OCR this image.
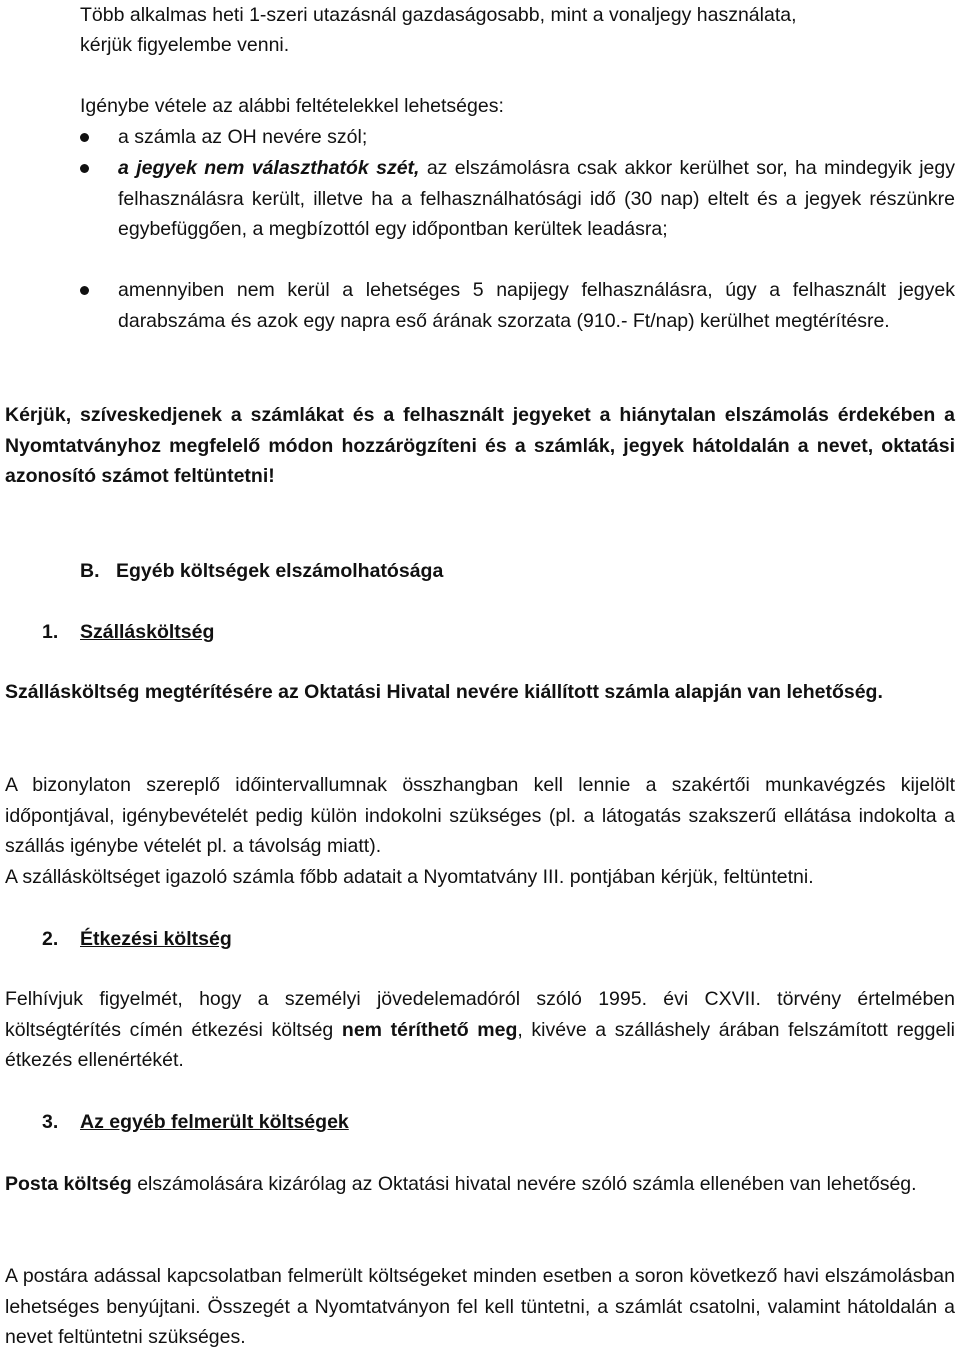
Több alkalmas heti 1-szeri utazásnál gazdaságosabb, mint a vonaljegy használata,

kérjük figyelembe venni.

Igénybe vétele az alábbi feltételekkel lehetséges:

a számla az OH nevére szól;

a jegyek nem választhatók szét, az elszámolásra csak akkor kerülhet sor, ha mindegyik jegy felhasználásra került, illetve ha a felhasználhatósági idő (30 nap) eltelt és a jegyek részünkre egybefüggően, a megbízottól egy időpontban kerültek leadásra;

amennyiben nem kerül a lehetséges 5 napijegy felhasználásra, úgy a felhasznált jegyek darabszáma és azok egy napra eső árának szorzata (910.- Ft/nap) kerülhet megtérítésre.

Kérjük, szíveskedjenek a számlákat és a felhasznált jegyeket a hiánytalan elszámolás érdekében a Nyomtatványhoz megfelelő módon hozzárögzíteni és a számlák, jegyek hátoldalán a nevet, oktatási azonosító számot feltüntetni!

B. Egyéb költségek elszámolhatósága
1. Szállásköltség

Szállásköltség megtérítésére az Oktatási Hivatal nevére kiállított számla alapján van lehetőség.

A bizonylaton szereplő időintervallumnak összhangban kell lennie a szakértői munkavégzés kijelölt időpontjával, igénybevételét pedig külön indokolni szükséges (pl. a látogatás szakszerű ellátása indokolta a szállás igénybe vételét pl. a távolság miatt).

A szállásköltséget igazoló számla főbb adatait a Nyomtatvány III. pontjában kérjük, feltüntetni.

2. Étkezési költség

Felhívjuk figyelmét, hogy a személyi jövedelemadóról szóló 1995. évi CXVII. törvény értelmében költségtérítés címén étkezési költség nem téríthető meg, kivéve a szálláshely árában felszámított reggeli étkezés ellenértékét.

3. Az egyéb felmerült költségek

Posta költség elszámolására kizárólag az Oktatási hivatal nevére szóló számla ellenében van lehetőség.

A postára adással kapcsolatban felmerült költségeket minden esetben a soron következő havi elszámolásban lehetséges benyújtani. Összegét a Nyomtatványon fel kell tüntetni, a számlát csatolni, valamint hátoldalán a nevet feltüntetni szükséges.
